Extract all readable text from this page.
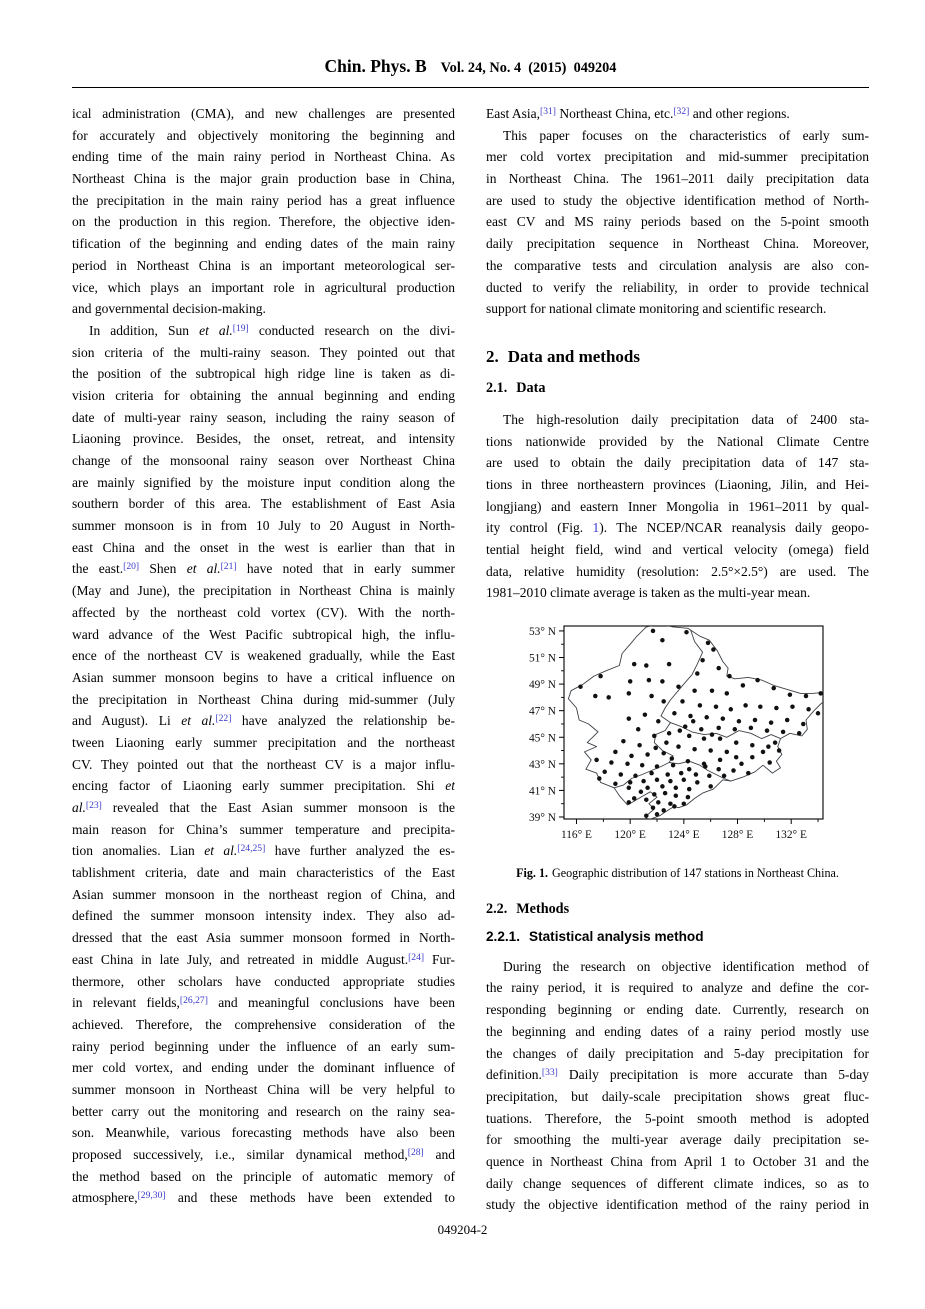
Chin. Phys. B Vol. 24, No. 4  (2015)  049204
ical administration (CMA), and new challenges are presented
for accurately and objectively monitoring the beginning and
ending time of the main rainy period in Northeast China. As
Northeast China is the major grain production base in China,
the precipitation in the main rainy period has a great influence
on the production in this region. Therefore, the objective iden-
tification of the beginning and ending dates of the main rainy
period in Northeast China is an important meteorological ser-
vice, which plays an important role in agricultural production
and governmental decision-making.
In addition, Sun et al.[19] conducted research on the divi-
sion criteria of the multi-rainy season. They pointed out that
the position of the subtropical high ridge line is taken as di-
vision criteria for obtaining the annual beginning and ending
date of multi-year rainy season, including the rainy season of
Liaoning province. Besides, the onset, retreat, and intensity
change of the monsoonal rainy season over Northeast China
are mainly signified by the moisture input condition along the
southern border of this area. The establishment of East Asia
summer monsoon is in from 10 July to 20 August in North-
east China and the onset in the west is earlier than that in
the east.[20] Shen et al.[21] have noted that in early summer
(May and June), the precipitation in Northeast China is mainly
affected by the northeast cold vortex (CV). With the north-
ward advance of the West Pacific subtropical high, the influ-
ence of the northeast CV is weakened gradually, while the East
Asian summer monsoon begins to have a critical influence on
the precipitation in Northeast China during mid-summer (July
and August). Li et al.[22] have analyzed the relationship be-
tween Liaoning early summer precipitation and the northeast
CV. They pointed out that the northeast CV is a major influ-
encing factor of Liaoning early summer precipitation. Shi et
al.[23] revealed that the East Asian summer monsoon is the
main reason for China’s summer temperature and precipita-
tion anomalies. Lian et al.[24,25] have further analyzed the es-
tablishment criteria, date and main characteristics of the East
Asian summer monsoon in the northeast region of China, and
defined the summer monsoon intensity index. They also ad-
dressed that the east Asia summer monsoon formed in North-
east China in late July, and retreated in middle August.[24] Fur-
thermore, other scholars have conducted appropriate studies
in relevant fields,[26,27] and meaningful conclusions have been
achieved. Therefore, the comprehensive consideration of the
rainy period beginning under the influence of an early sum-
mer cold vortex, and ending under the dominant influence of
summer monsoon in Northeast China will be very helpful to
better carry out the monitoring and research on the rainy sea-
son. Meanwhile, various forecasting methods have also been
proposed successively, i.e., similar dynamical method,[28] and
the method based on the principle of automatic memory of
atmosphere,[29,30] and these methods have been extended to
East Asia,[31] Northeast China, etc.[32] and other regions.
This paper focuses on the characteristics of early sum-
mer cold vortex precipitation and mid-summer precipitation
in Northeast China. The 1961–2011 daily precipitation data
are used to study the objective identification method of North-
east CV and MS rainy periods based on the 5-point smooth
daily precipitation sequence in Northeast China. Moreover,
the comparative tests and circulation analysis are also con-
ducted to verify the reliability, in order to provide technical
support for national climate monitoring and scientific research.
2. Data and methods
2.1. Data
The high-resolution daily precipitation data of 2400 sta-
tions nationwide provided by the National Climate Centre
are used to obtain the daily precipitation data of 147 sta-
tions in three northeastern provinces (Liaoning, Jilin, and Hei-
longjiang) and eastern Inner Mongolia in 1961–2011 by qual-
ity control (Fig. 1). The NCEP/NCAR reanalysis daily geopo-
tential height field, wind and vertical velocity (omega) field
data, relative humidity (resolution: 2.5°×2.5°) are used. The
1981–2010 climate average is taken as the multi-year mean.
116° E 120° E 124° E 128° E 132° E
39° N
41° N
43° N
45° N
47° N
49° N
51° N
53° N
Fig. 1. Geographic distribution of 147 stations in Northeast China.
2.2. Methods
2.2.1. Statistical analysis method
During the research on objective identification method of
the rainy period, it is required to analyze and define the cor-
responding beginning or ending date. Currently, research on
the beginning and ending dates of a rainy period mostly use
the changes of daily precipitation and 5-day precipitation for
definition.[33] Daily precipitation is more accurate than 5-day
precipitation, but daily-scale precipitation shows great fluc-
tuations. Therefore, the 5-point smooth method is adopted
for smoothing the multi-year average daily precipitation se-
quence in Northeast China from April 1 to October 31 and the
daily change sequences of different climate indices, so as to
study the objective identification method of the rainy period in
049204-2
